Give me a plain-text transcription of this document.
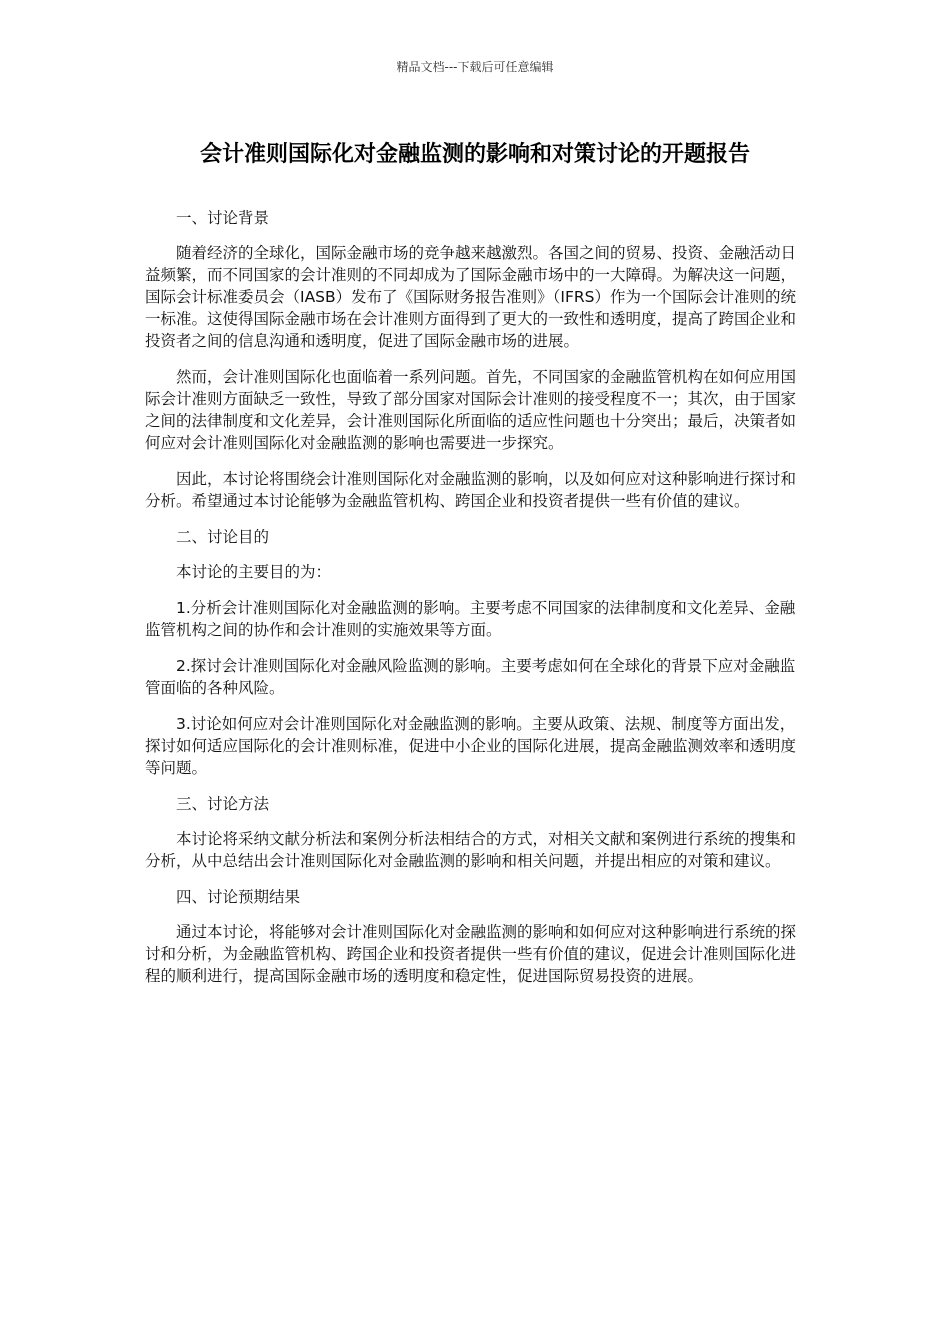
精品文档---下载后可任意编辑
会计准则国际化对金融监测的影响和对策讨论的开题报告

一、讨论背景

随着经济的全球化，国际金融市场的竞争越来越激烈。各国之间的贸易、投资、金融活动日益频繁，而不同国家的会计准则的不同却成为了国际金融市场中的一大障碍。为解决这一问题，国际会计标准委员会（IASB）发布了《国际财务报告准则》（IFRS）作为一个国际会计准则的统一标准。这使得国际金融市场在会计准则方面得到了更大的一致性和透明度，提高了跨国企业和投资者之间的信息沟通和透明度，促进了国际金融市场的进展。

然而，会计准则国际化也面临着一系列问题。首先，不同国家的金融监管机构在如何应用国际会计准则方面缺乏一致性，导致了部分国家对国际会计准则的接受程度不一；其次，由于国家之间的法律制度和文化差异，会计准则国际化所面临的适应性问题也十分突出；最后，决策者如何应对会计准则国际化对金融监测的影响也需要进一步探究。

因此，本讨论将围绕会计准则国际化对金融监测的影响，以及如何应对这种影响进行探讨和分析。希望通过本讨论能够为金融监管机构、跨国企业和投资者提供一些有价值的建议。

二、讨论目的

本讨论的主要目的为：

1.分析会计准则国际化对金融监测的影响。主要考虑不同国家的法律制度和文化差异、金融监管机构之间的协作和会计准则的实施效果等方面。

2.探讨会计准则国际化对金融风险监测的影响。主要考虑如何在全球化的背景下应对金融监管面临的各种风险。

3.讨论如何应对会计准则国际化对金融监测的影响。主要从政策、法规、制度等方面出发，探讨如何适应国际化的会计准则标准，促进中小企业的国际化进展，提高金融监测效率和透明度等问题。

三、讨论方法

本讨论将采纳文献分析法和案例分析法相结合的方式，对相关文献和案例进行系统的搜集和分析，从中总结出会计准则国际化对金融监测的影响和相关问题，并提出相应的对策和建议。

四、讨论预期结果

通过本讨论，将能够对会计准则国际化对金融监测的影响和如何应对这种影响进行系统的探讨和分析，为金融监管机构、跨国企业和投资者提供一些有价值的建议，促进会计准则国际化进程的顺利进行，提高国际金融市场的透明度和稳定性，促进国际贸易投资的进展。
